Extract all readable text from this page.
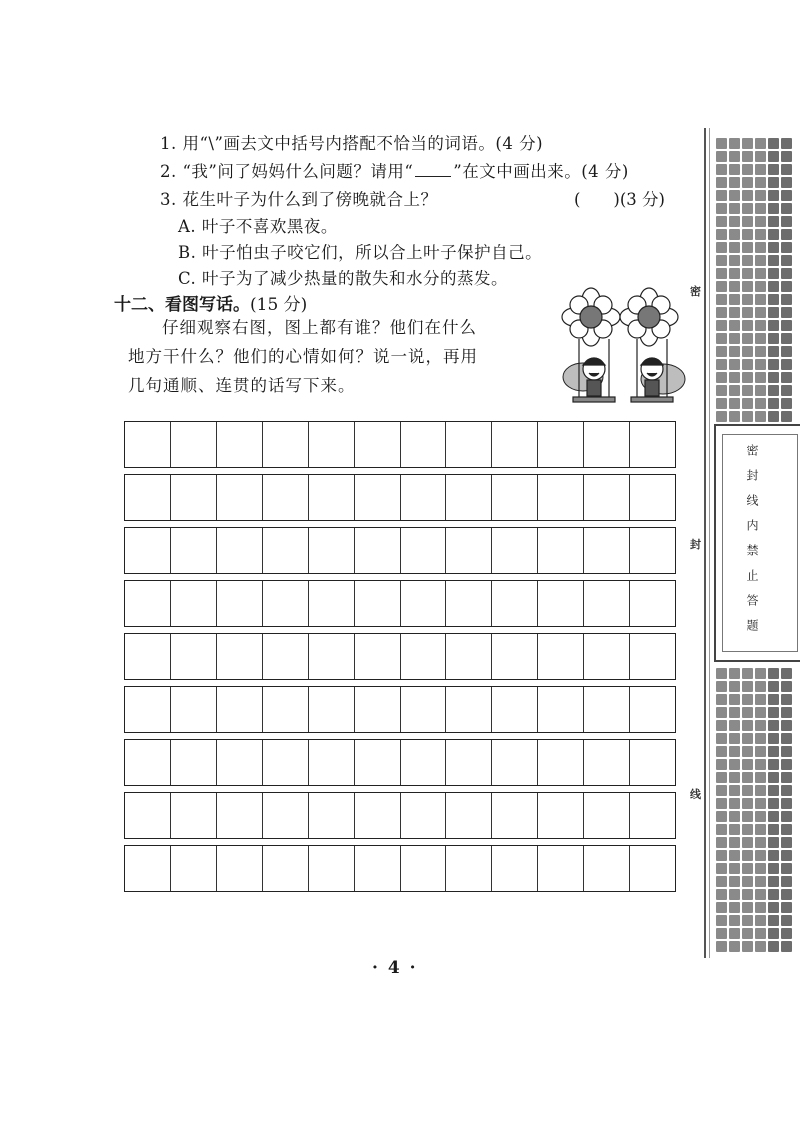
1. 用“\”画去文中括号内搭配不恰当的词语。(4 分)
2. “我”问了妈妈什么问题？请用“ ”在文中画出来。(4 分)
3. 花生叶子为什么到了傍晚就合上？	(　　)(3 分)
A. 叶子不喜欢黑夜。
B. 叶子怕虫子咬它们，所以合上叶子保护自己。
C. 叶子为了减少热量的散失和水分的蒸发。
十二、看图写话。(15 分)
仔细观察右图，图上都有谁？他们在什么
地方干什么？他们的心情如何？说一说，再用
几句通顺、连贯的话写下来。
· 4 ·
密
封
线
密封线内禁止答题
